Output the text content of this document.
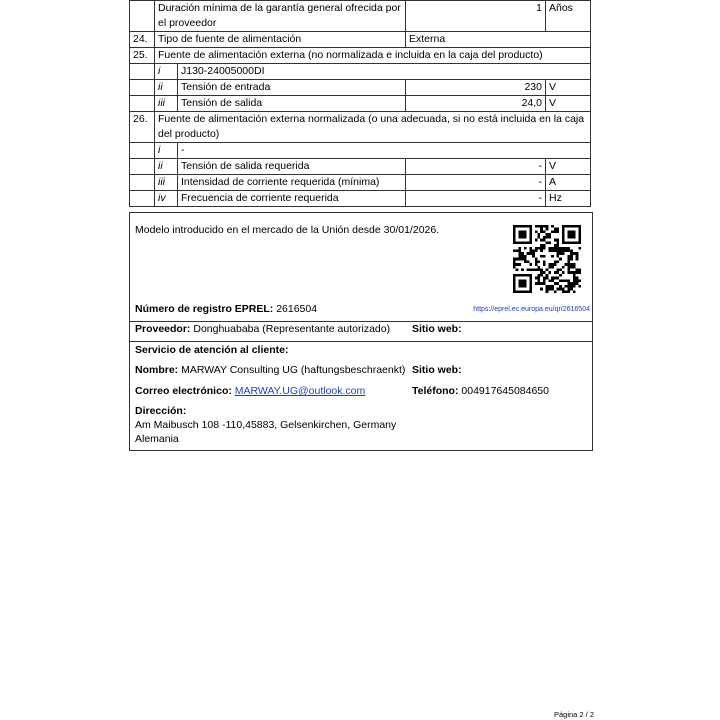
	Duración mínima de la garantía general ofrecida por el proveedor		1	Años
24.	Tipo de fuente de alimentación		Externa	
25.	Fuente de alimentación externa (no normalizada e incluida en la caja del producto)			
	i	J130-24005000DI		
	ii	Tensión de entrada	230	V
	iii	Tensión de salida	24,0	V
26.	Fuente de alimentación externa normalizada (o una adecuada, si no está incluida en la caja del producto)			
	i	-		
	ii	Tensión de salida requerida	-	V
	iii	Intensidad de corriente requerida (mínima)	-	A
	iv	Frecuencia de corriente requerida	-	Hz
Modelo introducido en el mercado de la Unión desde 30/01/2026.
Número de registro EPREL: 2616504	https://eprel.ec.europa.eu/qr/2616504
Proveedor: Donghuababa (Representante autorizado) Sitio web:
Servicio de atención al cliente:
Nombre: MARWAY Consulting UG (haftungsbeschraenkt) Sitio web:
Correo electrónico: MARWAY.UG@outlook.com	Teléfono: 004917645084650
Dirección:
Am Maibusch 108 -110,45883, Gelsenkirchen, Germany
Alemania
Página 2 / 2
